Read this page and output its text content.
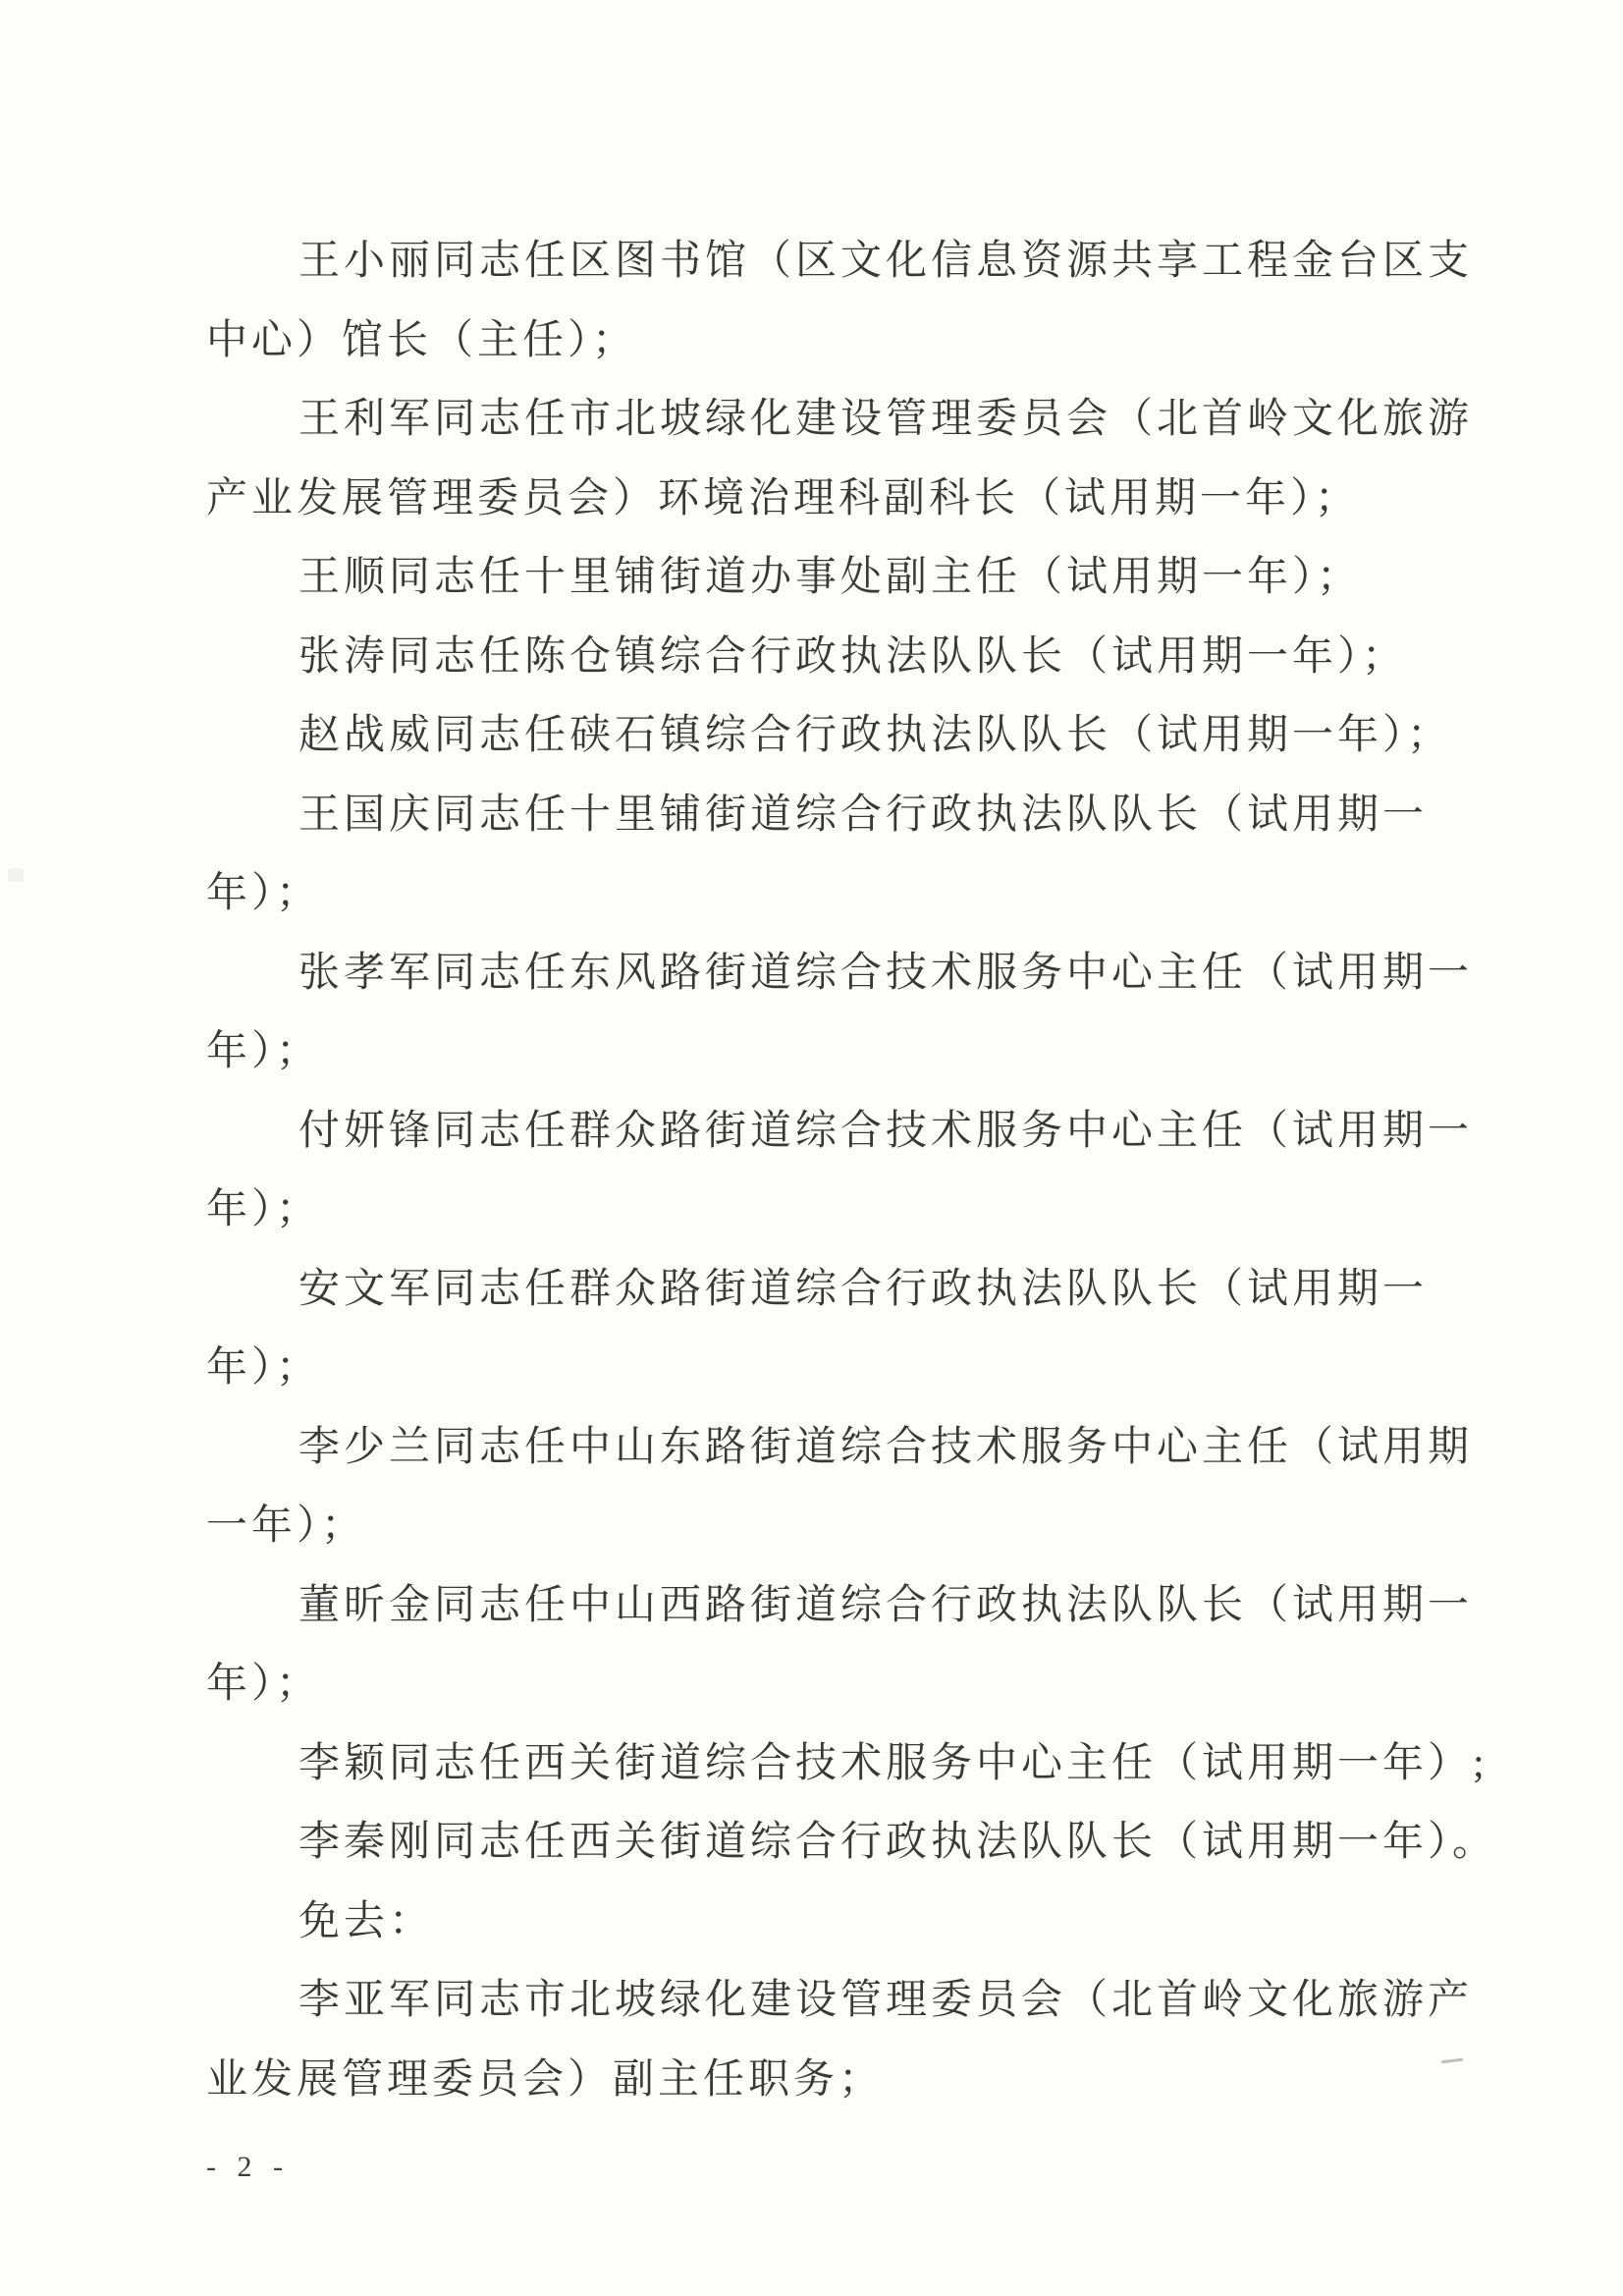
王小丽同志任区图书馆（区文化信息资源共享工程金台区支
中心）馆长（主任）；
王利军同志任市北坡绿化建设管理委员会（北首岭文化旅游
产业发展管理委员会）环境治理科副科长（试用期一年）；
王顺同志任十里铺街道办事处副主任（试用期一年）；
张涛同志任陈仓镇综合行政执法队队长（试用期一年）；
赵战威同志任硖石镇综合行政执法队队长（试用期一年）；
王国庆同志任十里铺街道综合行政执法队队长（试用期一
年）；
张孝军同志任东风路街道综合技术服务中心主任（试用期一
年）；
付妍锋同志任群众路街道综合技术服务中心主任（试用期一
年）；
安文军同志任群众路街道综合行政执法队队长（试用期一
年）；
李少兰同志任中山东路街道综合技术服务中心主任（试用期
一年）；
董昕金同志任中山西路街道综合行政执法队队长（试用期一
年）；
李颖同志任西关街道综合技术服务中心主任（试用期一年）;
李秦刚同志任西关街道综合行政执法队队长（试用期一年）。
免去：
李亚军同志市北坡绿化建设管理委员会（北首岭文化旅游产
业发展管理委员会）副主任职务；
- 2 -
